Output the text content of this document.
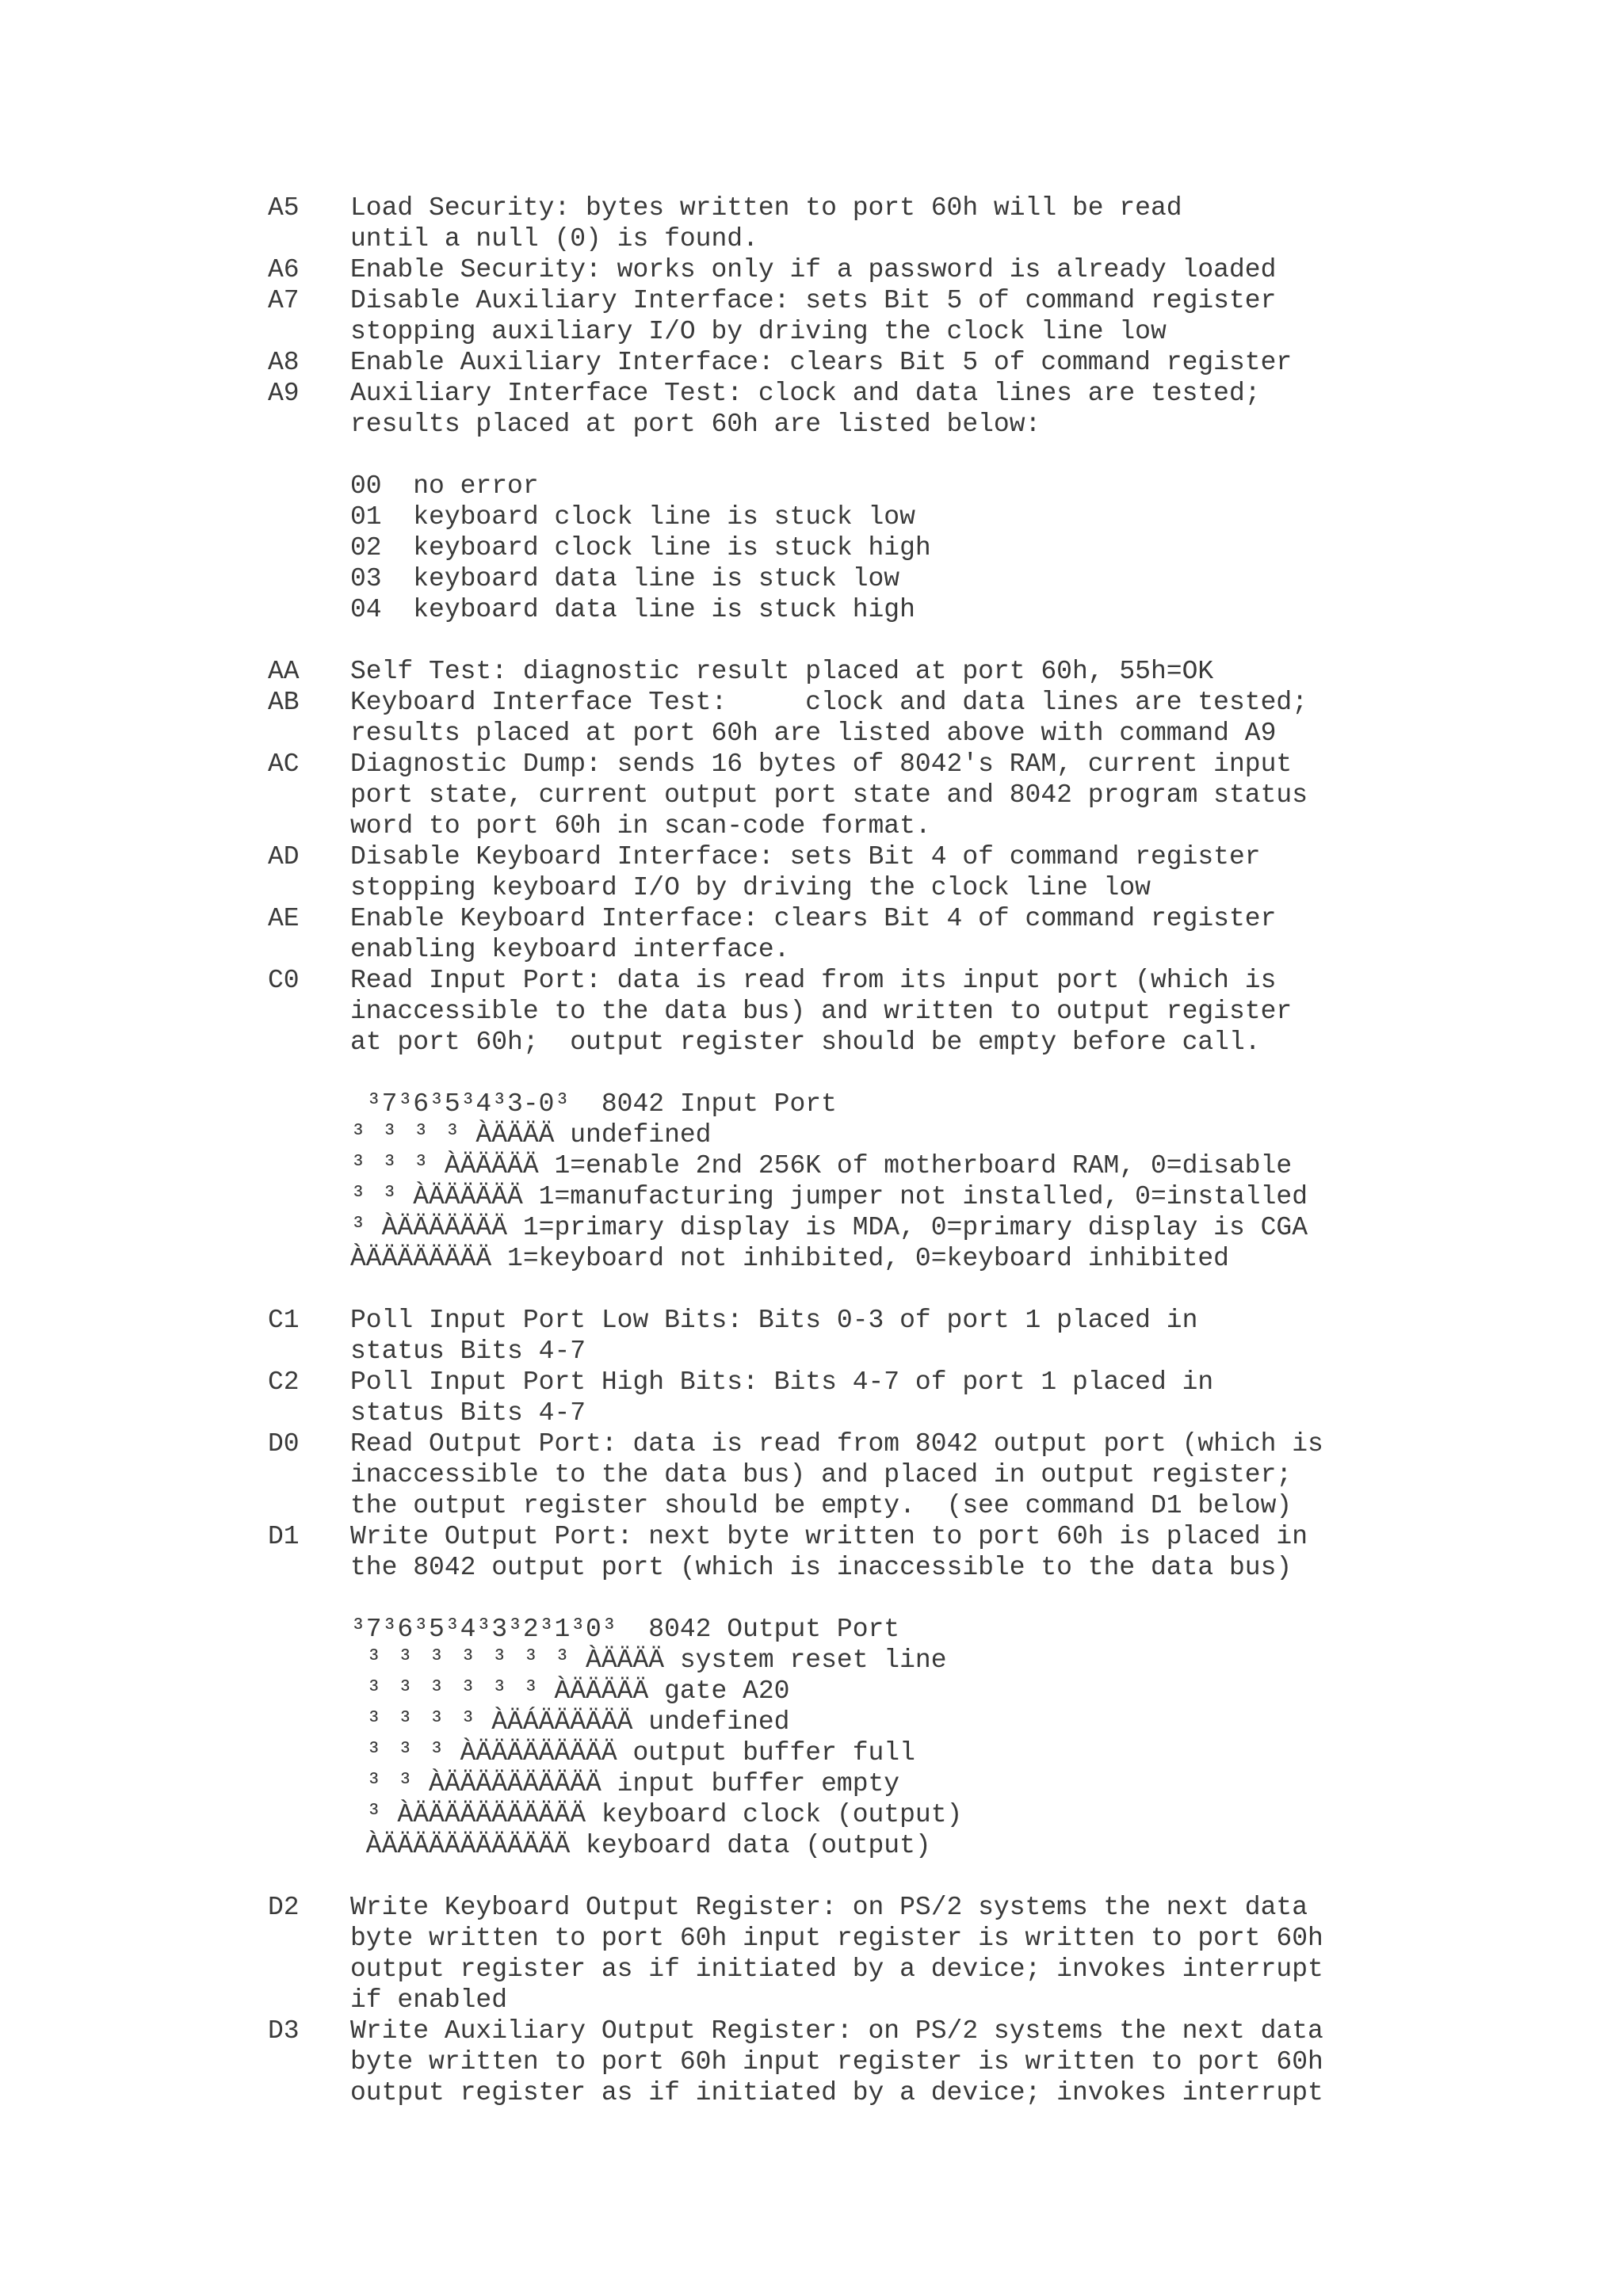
A5 Load Security: bytes written to port 60h will be read
until a null (0) is found.
A6 Enable Security: works only if a password is already loaded
A7 Disable Auxiliary Interface: sets Bit 5 of command register
stopping auxiliary I/O by driving the clock line low
A8 Enable Auxiliary Interface: clears Bit 5 of command register
A9 Auxiliary Interface Test: clock and data lines are tested;
results placed at port 60h are listed below:
00  no error
01  keyboard clock line is stuck low
02  keyboard clock line is stuck high
03  keyboard data line is stuck low
04  keyboard data line is stuck high
AA Self Test: diagnostic result placed at port 60h, 55h=OK
AB Keyboard Interface Test:     clock and data lines are tested;
results placed at port 60h are listed above with command A9
AC Diagnostic Dump: sends 16 bytes of 8042's RAM, current input
port state, current output port state and 8042 program status
word to port 60h in scan-code format.
AD Disable Keyboard Interface: sets Bit 4 of command register
stopping keyboard I/O by driving the clock line low
AE Enable Keyboard Interface: clears Bit 4 of command register
enabling keyboard interface.
C0 Read Input Port: data is read from its input port (which is
inaccessible to the data bus) and written to output register
at port 60h;  output register should be empty before call.
³7³6³5³4³3-0³  8042 Input Port
³ ³ ³ ³ ÀÄÄÄÄ undefined
³ ³ ³ ÀÄÄÄÄÄ 1=enable 2nd 256K of motherboard RAM, 0=disable
³ ³ ÀÄÄÄÄÄÄ 1=manufacturing jumper not installed, 0=installed
³ ÀÄÄÄÄÄÄÄ 1=primary display is MDA, 0=primary display is CGA
ÀÄÄÄÄÄÄÄÄ 1=keyboard not inhibited, 0=keyboard inhibited
C1 Poll Input Port Low Bits: Bits 0-3 of port 1 placed in
status Bits 4-7
C2 Poll Input Port High Bits: Bits 4-7 of port 1 placed in
status Bits 4-7
D0 Read Output Port: data is read from 8042 output port (which is
inaccessible to the data bus) and placed in output register;
the output register should be empty.  (see command D1 below)
D1 Write Output Port: next byte written to port 60h is placed in
the 8042 output port (which is inaccessible to the data bus)
³7³6³5³4³3³2³1³0³  8042 Output Port
³ ³ ³ ³ ³ ³ ³ ÀÄÄÄÄ system reset line
³ ³ ³ ³ ³ ³ ÀÄÄÄÄÄ gate A20
³ ³ ³ ³ ÀÄÁÄÄÄÄÄÄ undefined
³ ³ ³ ÀÄÄÄÄÄÄÄÄÄ output buffer full
³ ³ ÀÄÄÄÄÄÄÄÄÄÄ input buffer empty
³ ÀÄÄÄÄÄÄÄÄÄÄÄ keyboard clock (output)
ÀÄÄÄÄÄÄÄÄÄÄÄÄ keyboard data (output)
D2 Write Keyboard Output Register: on PS/2 systems the next data
byte written to port 60h input register is written to port 60h
output register as if initiated by a device; invokes interrupt
if enabled
D3 Write Auxiliary Output Register: on PS/2 systems the next data
byte written to port 60h input register is written to port 60h
output register as if initiated by a device; invokes interrupt
